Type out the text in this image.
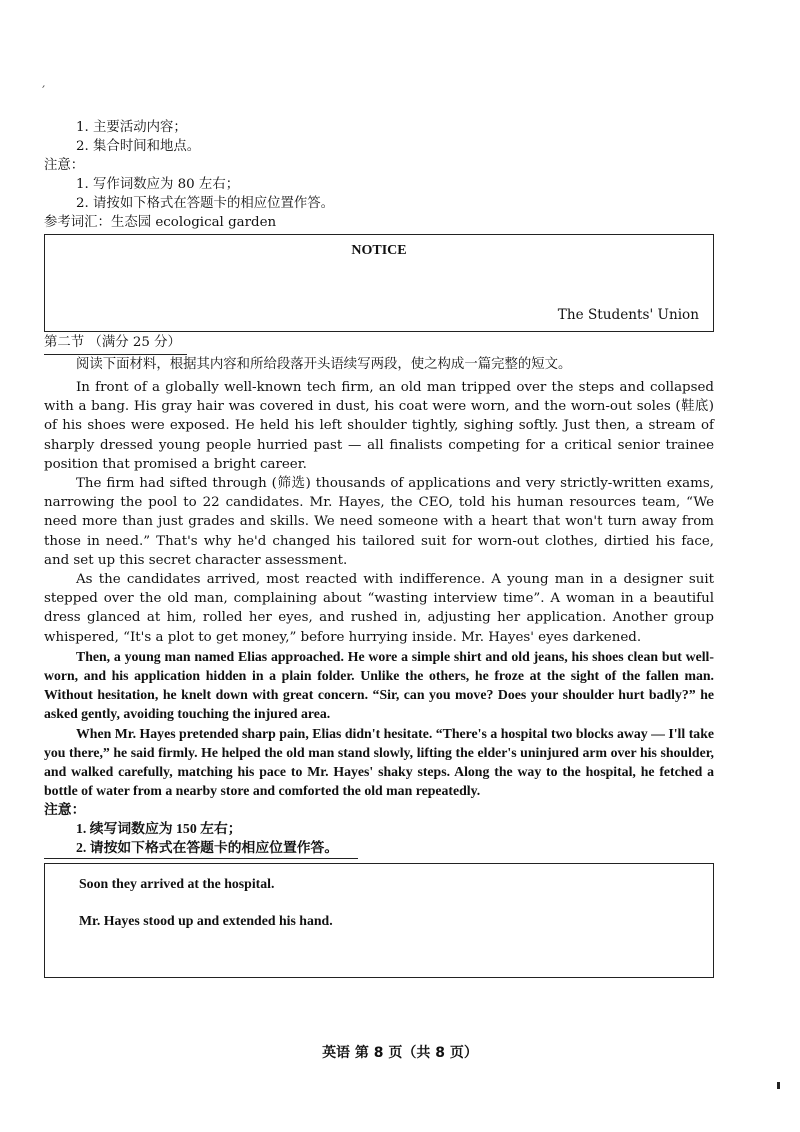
′
1. 主要活动内容；
2. 集合时间和地点。
注意：
1. 写作词数应为 80 左右；
2. 请按如下格式在答题卡的相应位置作答。
参考词汇：生态园 ecological garden
NOTICE
The Students' Union
第二节 （满分 25 分）
阅读下面材料，根据其内容和所给段落开头语续写两段，使之构成一篇完整的短文。

In front of a globally well-known tech firm, an old man tripped over the steps and collapsed with a bang. His gray hair was covered in dust, his coat were worn, and the worn-out soles (鞋底) of his shoes were exposed. He held his left shoulder tightly, sighing softly. Just then, a stream of sharply dressed young people hurried past — all finalists competing for a critical senior trainee position that promised a bright career.

The firm had sifted through (筛选) thousands of applications and very strictly-written exams, narrowing the pool to 22 candidates. Mr. Hayes, the CEO, told his human resources team, “We need more than just grades and skills. We need someone with a heart that won't turn away from those in need.” That's why he'd changed his tailored suit for worn-out clothes, dirtied his face, and set up this secret character assessment.

As the candidates arrived, most reacted with indifference. A young man in a designer suit stepped over the old man, complaining about “wasting interview time”. A woman in a beautiful dress glanced at him, rolled her eyes, and rushed in, adjusting her application. Another group whispered, “It's a plot to get money,” before hurrying inside. Mr. Hayes' eyes darkened.

Then, a young man named Elias approached. He wore a simple shirt and old jeans, his shoes clean but well-worn, and his application hidden in a plain folder. Unlike the others, he froze at the sight of the fallen man. Without hesitation, he knelt down with great concern. “Sir, can you move? Does your shoulder hurt badly?” he asked gently, avoiding touching the injured area.

When Mr. Hayes pretended sharp pain, Elias didn't hesitate. “There's a hospital two blocks away — I'll take you there,” he said firmly. He helped the old man stand slowly, lifting the elder's uninjured arm over his shoulder, and walked carefully, matching his pace to Mr. Hayes' shaky steps. Along the way to the hospital, he fetched a bottle of water from a nearby store and comforted the old man repeatedly.

注意：
1. 续写词数应为 150 左右；
2. 请按如下格式在答题卡的相应位置作答。
Soon they arrived at the hospital.
Mr. Hayes stood up and extended his hand.
英语 第 8 页（共 8 页）
